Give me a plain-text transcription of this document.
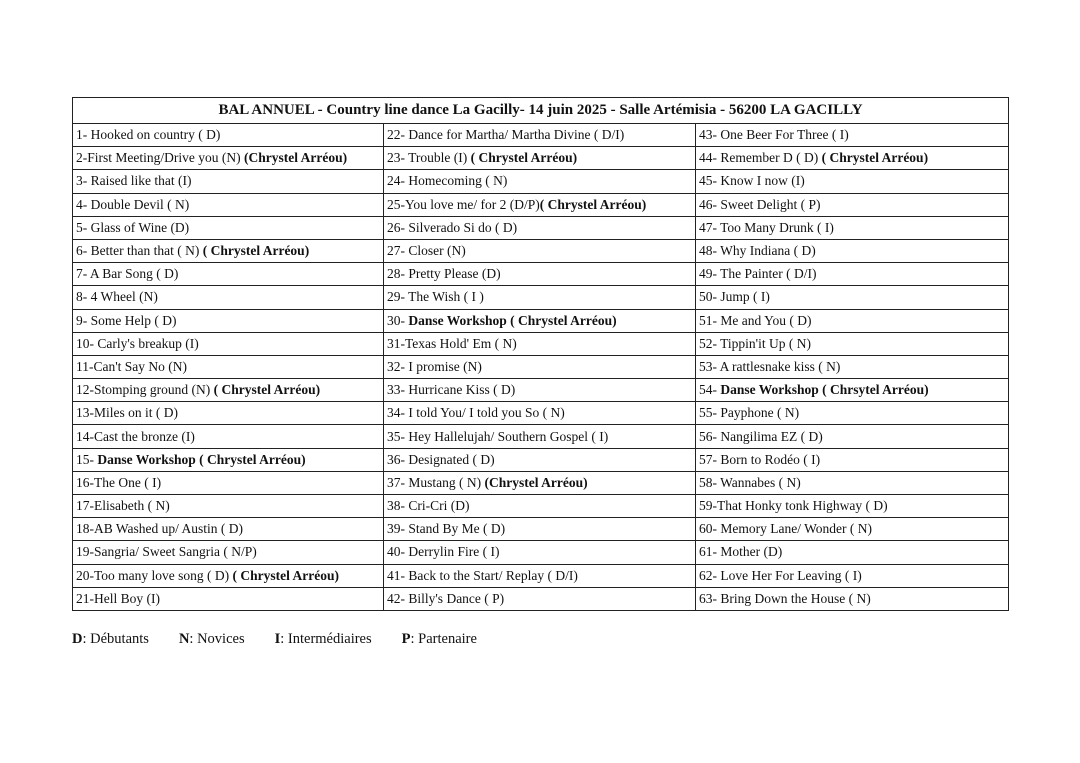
BAL ANNUEL - Country line dance La Gacilly- 14 juin 2025 - Salle Artémisia - 56200 LA GACILLY		
1- Hooked on country ( D)	22- Dance for Martha/ Martha Divine ( D/I)	43- One Beer For Three ( I)
2-First Meeting/Drive you (N) (Chrystel Arréou)	23- Trouble (I) ( Chrystel Arréou)	44- Remember D ( D) ( Chrystel Arréou)
3- Raised like that (I)	24- Homecoming ( N)	45- Know I now (I)
4- Double Devil ( N)	25-You love me/ for 2 (D/P)( Chrystel Arréou)	46- Sweet Delight ( P)
5- Glass of Wine (D)	26- Silverado Si do ( D)	47- Too Many Drunk ( I)
6- Better than that ( N) ( Chrystel Arréou)	27- Closer (N)	48- Why Indiana ( D)
7- A Bar Song ( D)	28- Pretty Please (D)	49- The Painter ( D/I)
8- 4 Wheel (N)	29- The Wish ( I )	50- Jump ( I)
9- Some Help ( D)	30- Danse Workshop ( Chrystel Arréou)	51- Me and You ( D)
10- Carly's breakup (I)	31-Texas Hold' Em ( N)	52- Tippin'it Up ( N)
11-Can't Say No (N)	32- I promise (N)	53- A rattlesnake kiss ( N)
12-Stomping ground (N) ( Chrystel Arréou)	33- Hurricane Kiss ( D)	54- Danse Workshop ( Chrsytel Arréou)
13-Miles on it ( D)	34- I told You/ I told you So ( N)	55- Payphone ( N)
14-Cast the bronze (I)	35- Hey Hallelujah/ Southern Gospel ( I)	56- Nangilima EZ ( D)
15- Danse Workshop ( Chrystel Arréou)	36- Designated ( D)	57- Born to Rodéo ( I)
16-The One ( I)	37- Mustang ( N) (Chrystel Arréou)	58- Wannabes ( N)
17-Elisabeth ( N)	38- Cri-Cri (D)	59-That Honky tonk Highway ( D)
18-AB Washed up/ Austin ( D)	39- Stand By Me ( D)	60- Memory Lane/ Wonder ( N)
19-Sangria/ Sweet Sangria ( N/P)	40- Derrylin Fire ( I)	61- Mother (D)
20-Too many love song ( D) ( Chrystel Arréou)	41- Back to the Start/ Replay ( D/I)	62- Love Her For Leaving ( I)
21-Hell Boy (I)	42- Billy's Dance ( P)	63- Bring Down the House ( N)
D: Débutants N: Novices I: Intermédiaires P: Partenaire
